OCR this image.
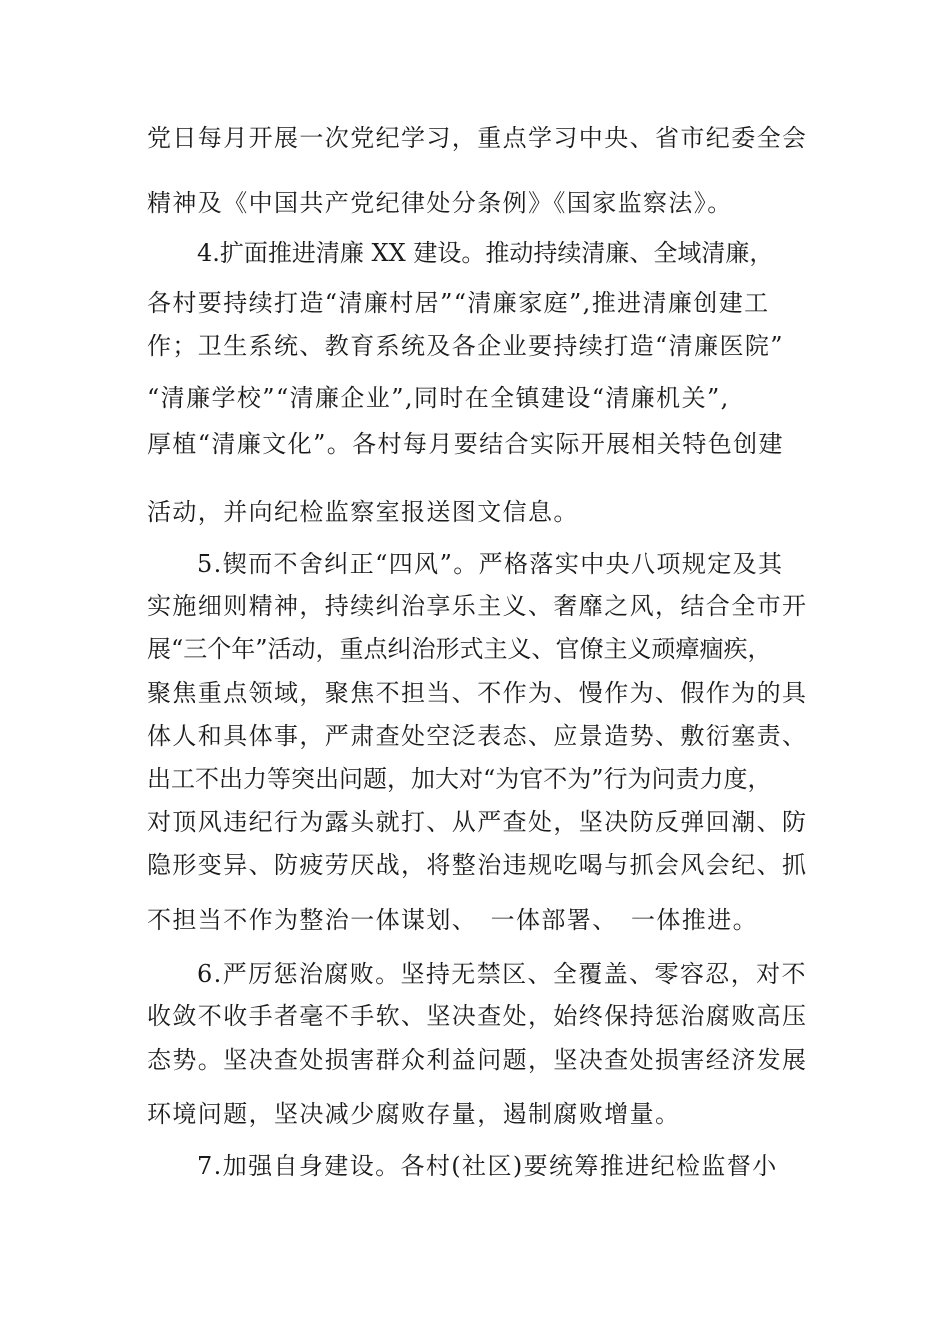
党日每月开展一次党纪学习，重点学习中央、省市纪委全会
精神及《中国共产党纪律处分条例》《国家监察法》。
4.扩面推进清廉 XX 建设。推动持续清廉、全域清廉，
各村要持续打造“清廉村居”“清廉家庭”,推进清廉创建工
作；卫生系统、教育系统及各企业要持续打造“清廉医院”
“清廉学校”“清廉企业”,同时在全镇建设“清廉机关”,
厚植“清廉文化”。各村每月要结合实际开展相关特色创建
活动，并向纪检监察室报送图文信息。
5.锲而不舍纠正“四风”。严格落实中央八项规定及其
实施细则精神，持续纠治享乐主义、奢靡之风，结合全市开
展“三个年”活动，重点纠治形式主义、官僚主义顽瘴痼疾，
聚焦重点领域，聚焦不担当、不作为、慢作为、假作为的具
体人和具体事，严肃查处空泛表态、应景造势、敷衍塞责、
出工不出力等突出问题，加大对“为官不为”行为问责力度，
对顶风违纪行为露头就打、从严查处，坚决防反弹回潮、防
隐形变异、防疲劳厌战，将整治违规吃喝与抓会风会纪、抓
不担当不作为整治一体谋划、　一体部署、　一体推进。
6.严厉惩治腐败。坚持无禁区、全覆盖、零容忍，对不
收敛不收手者毫不手软、坚决查处，始终保持惩治腐败高压
态势。坚决查处损害群众利益问题，坚决查处损害经济发展
环境问题，坚决减少腐败存量，遏制腐败增量。
7.加强自身建设。各村(社区)要统筹推进纪检监督小
